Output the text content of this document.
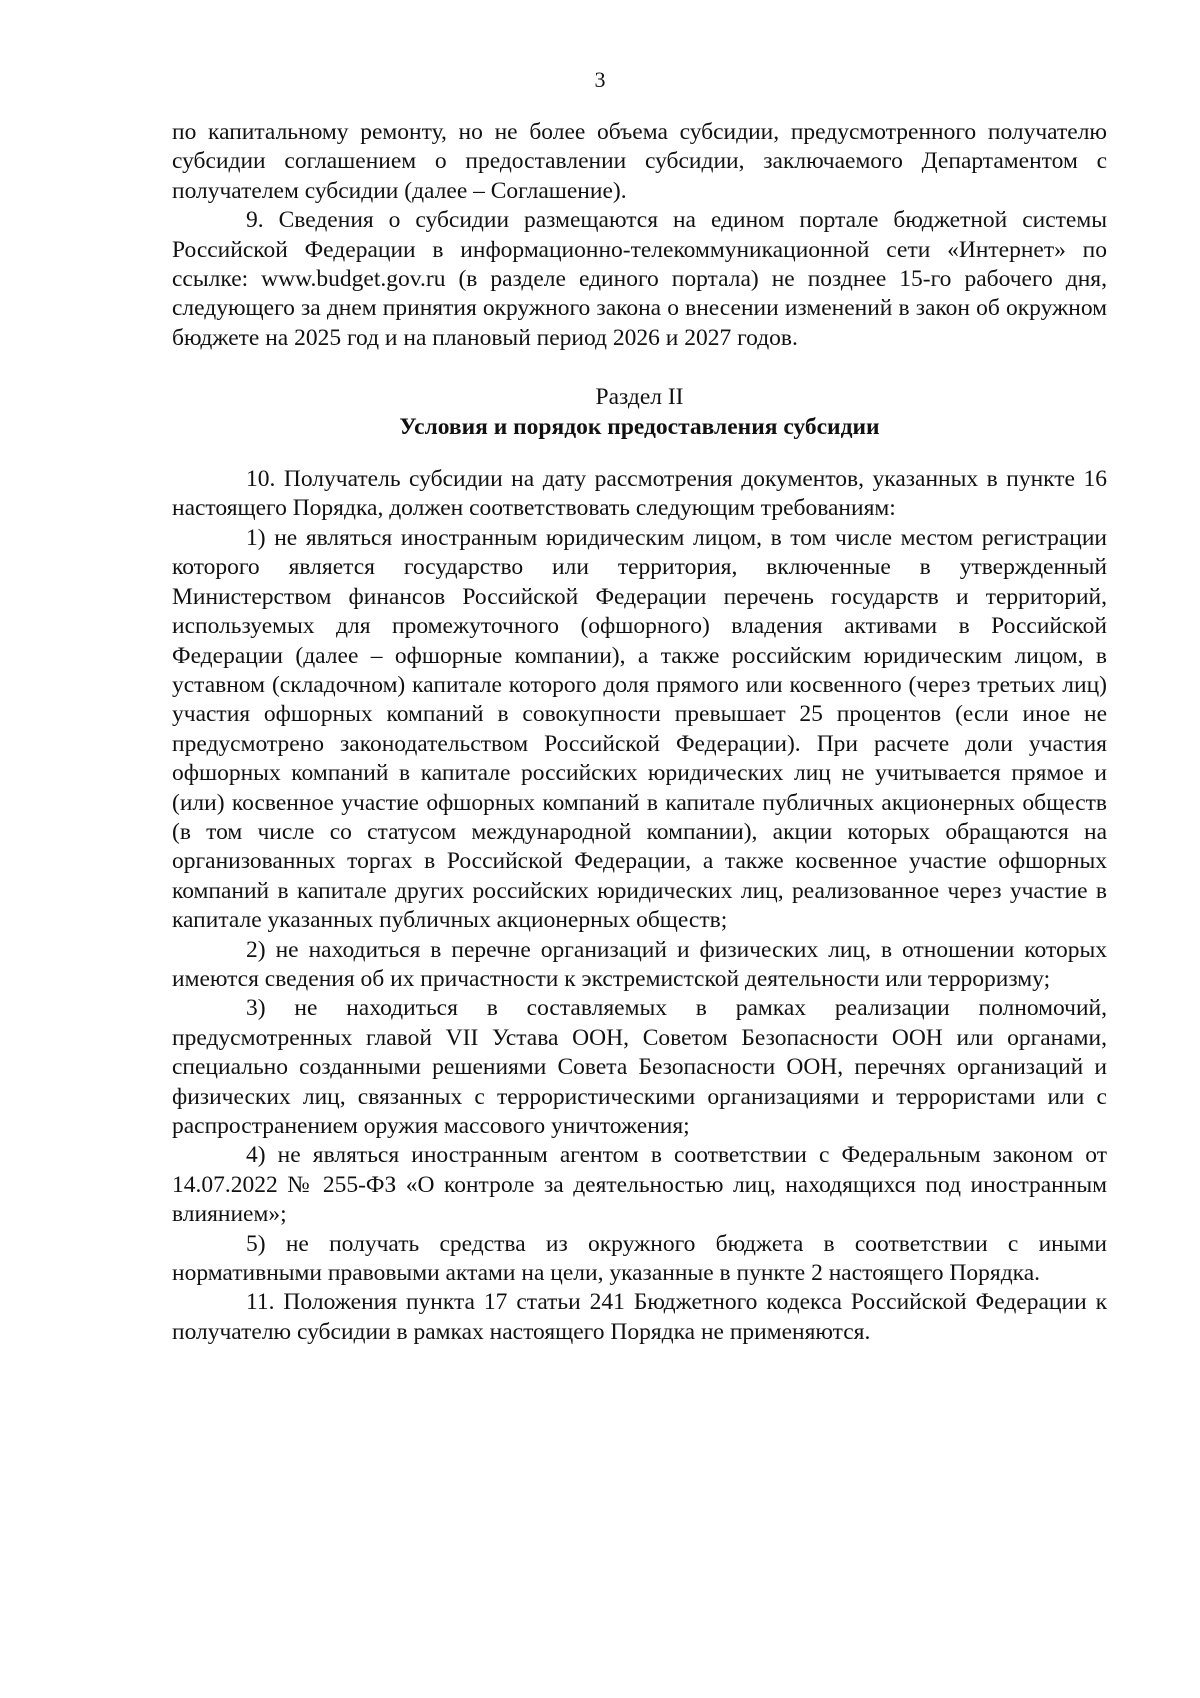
3

по капитальному ремонту, но не более объема субсидии, предусмотренного получателю субсидии соглашением о предоставлении субсидии, заключаемого Департаментом с получателем субсидии (далее – Соглашение).

9. Сведения о субсидии размещаются на едином портале бюджетной системы Российской Федерации в информационно-телекоммуникационной сети «Интернет» по ссылке: www.budget.gov.ru (в разделе единого портала) не позднее 15-го рабочего дня, следующего за днем принятия окружного закона о внесении изменений в закон об окружном бюджете на 2025 год и на плановый период 2026 и 2027 годов.

Раздел II
Условия и порядок предоставления субсидии

10. Получатель субсидии на дату рассмотрения документов, указанных в пункте 16 настоящего Порядка, должен соответствовать следующим требованиям:

1) не являться иностранным юридическим лицом, в том числе местом регистрации которого является государство или территория, включенные в утвержденный Министерством финансов Российской Федерации перечень государств и территорий, используемых для промежуточного (офшорного) владения активами в Российской Федерации (далее – офшорные компании), а также российским юридическим лицом, в уставном (складочном) капитале которого доля прямого или косвенного (через третьих лиц) участия офшорных компаний в совокупности превышает 25 процентов (если иное не предусмотрено законодательством Российской Федерации). При расчете доли участия офшорных компаний в капитале российских юридических лиц не учитывается прямое и (или) косвенное участие офшорных компаний в капитале публичных акционерных обществ (в том числе со статусом международной компании), акции которых обращаются на организованных торгах в Российской Федерации, а также косвенное участие офшорных компаний в капитале других российских юридических лиц, реализованное через участие в капитале указанных публичных акционерных обществ;

2) не находиться в перечне организаций и физических лиц, в отношении которых имеются сведения об их причастности к экстремистской деятельности или терроризму;

3) не находиться в составляемых в рамках реализации полномочий, предусмотренных главой VII Устава ООН, Советом Безопасности ООН или органами, специально созданными решениями Совета Безопасности ООН, перечнях организаций и физических лиц, связанных с террористическими организациями и террористами или с распространением оружия массового уничтожения;

4) не являться иностранным агентом в соответствии с Федеральным законом от 14.07.2022 № 255-ФЗ «О контроле за деятельностью лиц, находящихся под иностранным влиянием»;

5) не получать средства из окружного бюджета в соответствии с иными нормативными правовыми актами на цели, указанные в пункте 2 настоящего Порядка.

11. Положения пункта 17 статьи 241 Бюджетного кодекса Российской Федерации к получателю субсидии в рамках настоящего Порядка не применяются.
